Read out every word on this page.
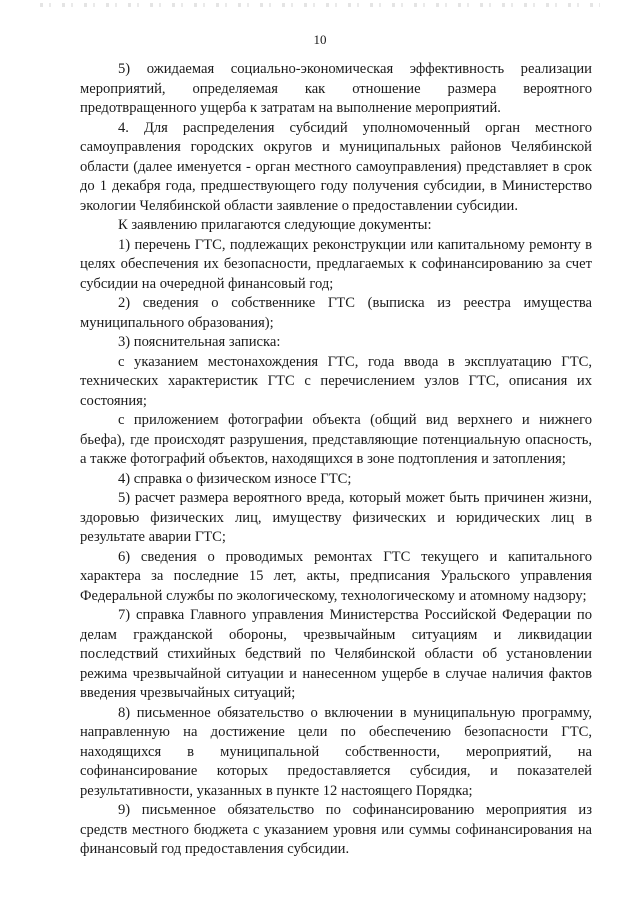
10

5) ожидаемая социально-экономическая эффективность реализации мероприятий, определяемая как отношение размера вероятного предотвращенного ущерба к затратам на выполнение мероприятий.

4. Для распределения субсидий уполномоченный орган местного самоуправления городских округов и муниципальных районов Челябинской области (далее именуется - орган местного самоуправления) представляет в срок до 1 декабря года, предшествующего году получения субсидии, в Министерство экологии Челябинской области заявление о предоставлении субсидии.

К заявлению прилагаются следующие документы:

1) перечень ГТС, подлежащих реконструкции или капитальному ремонту в целях обеспечения их безопасности, предлагаемых к софинансированию за счет субсидии на очередной финансовый год;

2) сведения о собственнике ГТС (выписка из реестра имущества муниципального образования);

3) пояснительная записка:

с указанием местонахождения ГТС, года ввода в эксплуатацию ГТС, технических характеристик ГТС с перечислением узлов ГТС, описания их состояния;

с приложением фотографии объекта (общий вид верхнего и нижнего бьефа), где происходят разрушения, представляющие потенциальную опасность, а также фотографий объектов, находящихся в зоне подтопления и затопления;

4) справка о физическом износе ГТС;

5) расчет размера вероятного вреда, который может быть причинен жизни, здоровью физических лиц, имуществу физических и юридических лиц в результате аварии ГТС;

6) сведения о проводимых ремонтах ГТС текущего и капитального характера за последние 15 лет, акты, предписания Уральского управления Федеральной службы по экологическому, технологическому и атомному надзору;

7) справка Главного управления Министерства Российской Федерации по делам гражданской обороны, чрезвычайным ситуациям и ликвидации последствий стихийных бедствий по Челябинской области об установлении режима чрезвычайной ситуации и нанесенном ущербе в случае наличия фактов введения чрезвычайных ситуаций;

8) письменное обязательство о включении в муниципальную программу, направленную на достижение цели по обеспечению безопасности ГТС, находящихся в муниципальной собственности, мероприятий, на софинансирование которых предоставляется субсидия, и показателей результативности, указанных в пункте 12 настоящего Порядка;

9) письменное обязательство по софинансированию мероприятия из средств местного бюджета с указанием уровня или суммы софинансирования на финансовый год предоставления субсидии.
